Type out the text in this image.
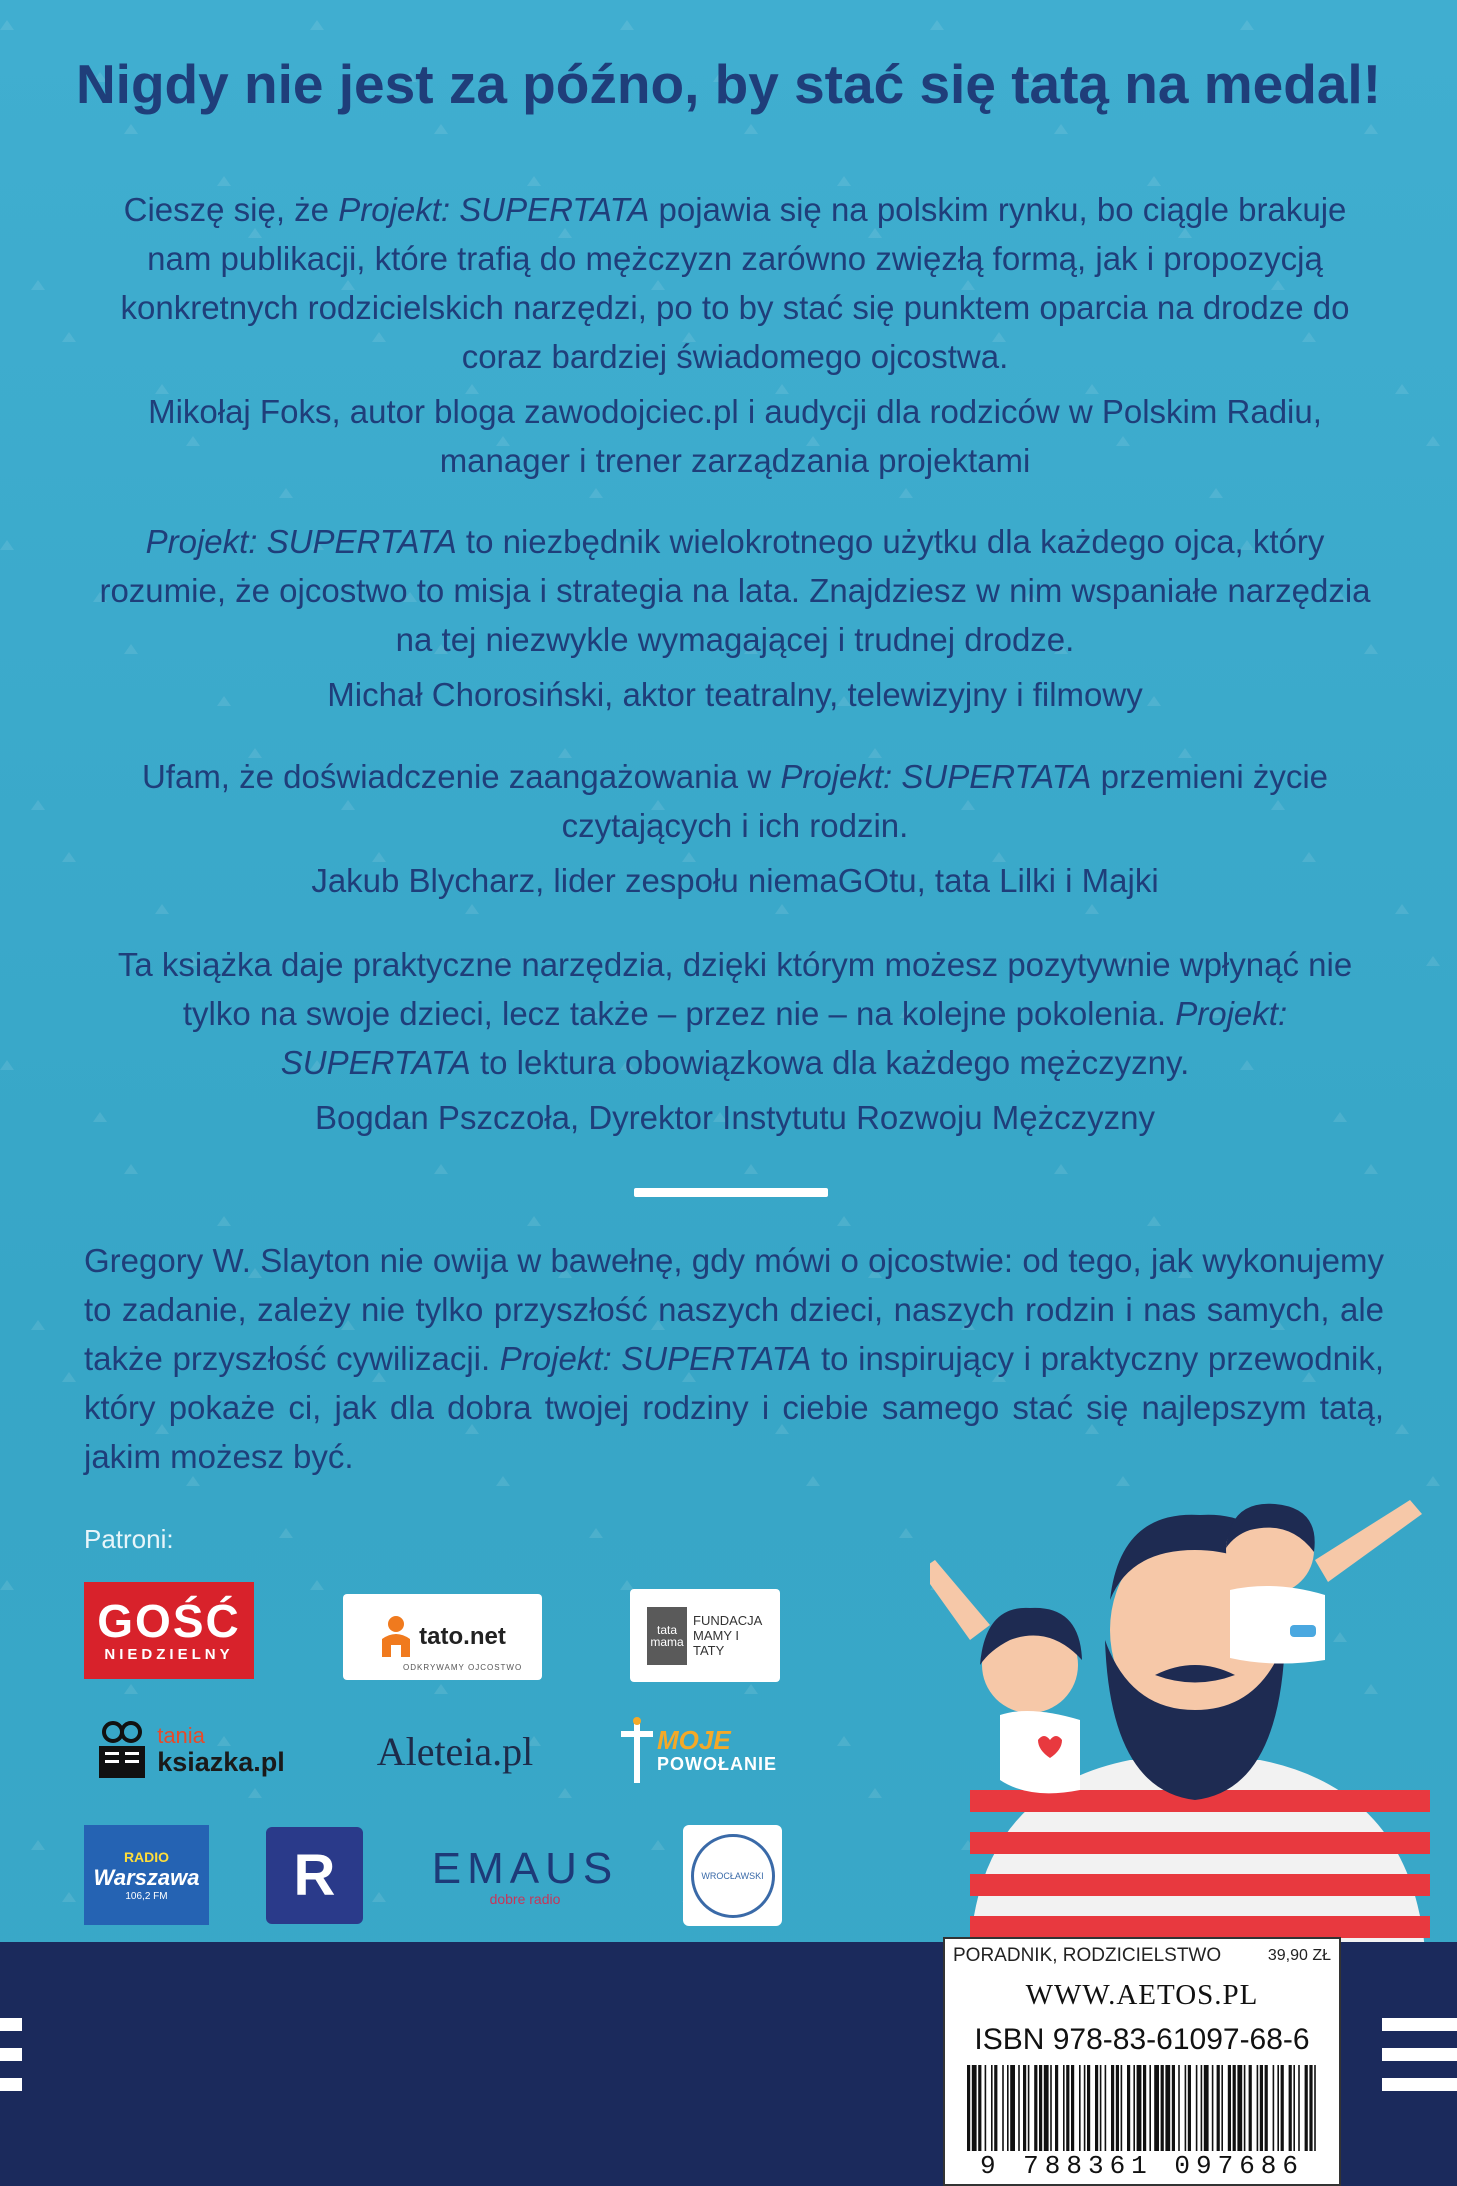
Nigdy nie jest za późno, by stać się tatą na medal!

Cieszę się, że Projekt: SUPERTATA pojawia się na polskim rynku, bo ciągle brakuje nam publikacji, które trafią do mężczyzn zarówno zwięzłą formą, jak i propozycją konkretnych rodzicielskich narzędzi, po to by stać się punktem oparcia na drodze do coraz bardziej świadomego ojcostwa.

Mikołaj Foks, autor bloga zawodojciec.pl i audycji dla rodziców w Polskim Radiu, manager i trener zarządzania projektami

Projekt: SUPERTATA to niezbędnik wielokrotnego użytku dla każdego ojca, który rozumie, że ojcostwo to misja i strategia na lata. Znajdziesz w nim wspaniałe narzędzia na tej niezwykle wymagającej i trudnej drodze.

Michał Chorosiński, aktor teatralny, telewizyjny i filmowy

Ufam, że doświadczenie zaangażowania w Projekt: SUPERTATA przemieni życie czytających i ich rodzin.

Jakub Blycharz, lider zespołu niemaGOtu, tata Lilki i Majki

Ta książka daje praktyczne narzędzia, dzięki którym możesz pozytywnie wpłynąć nie tylko na swoje dzieci, lecz także – przez nie – na kolejne pokolenia. Projekt: SUPERTATA to lektura obowiązkowa dla każdego mężczyzny.

Bogdan Pszczoła, Dyrektor Instytutu Rozwoju Mężczyzny

Gregory W. Slayton nie owija w bawełnę, gdy mówi o ojcostwie: od tego, jak wykonujemy to zadanie, zależy nie tylko przyszłość naszych dzieci, naszych rodzin i nas samych, ale także przyszłość cywilizacji. Projekt: SUPERTATA to inspirujący i praktyczny przewodnik, który pokaże ci, jak dla dobra twojej rodziny i ciebie samego stać się najlepszym tatą, jakim możesz być.
Patroni:
GOŚĆ
NIEDZIELNY
tato.net
ODKRYWAMY OJCOSTWO
tata mama
FUNDACJA MAMY I TATY
tania
ksiazka.pl	Aleteia.pl	MOJE
POWOŁANIE
RADIO
Warszawa
106,2 FM	R	EMAUS
dobre radio
WROCŁAWSKI
PORADNIK, RODZICIELSTWO	39,90 ZŁ
WWW.AETOS.PL
ISBN 978-83-61097-68-6
9 788361 097686
